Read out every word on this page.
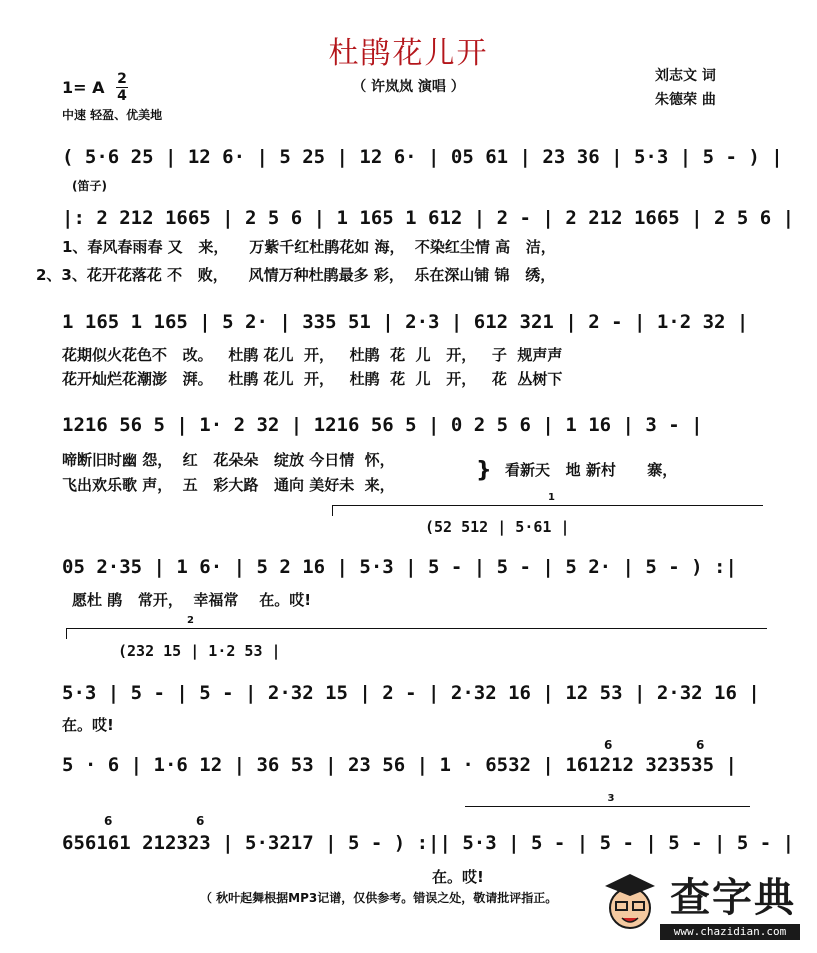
杜鹃花儿开
（ 许岚岚 演唱 ）
刘志文 词
朱德荣 曲
1= A 2
4
中速 轻盈、优美地
( 5·6 25 | 12 6· | 5 25 | 12 6· | 05 61 | 23 36 | 5·3 | 5 - ) |
(笛子)
|: 2 212 1665 | 2 5 6 | 1 165 1 612 | 2 - | 2 212 1665 | 2 5 6 |
1、春风春雨春 又   来，    万紫千红杜鹃花如 海，  不染红尘情 高   洁，
2、3、花开花落花 不   败，    风情万种杜鹃最多 彩，  乐在深山铺 锦   绣，
1 165 1 165 | 5 2· | 335 51 | 2·3 | 612 321 | 2 - | 1·2 32 |
花期似火花色不   改。   杜鹃 花儿  开，   杜鹃  花  儿   开，   子  规声声
花开灿烂花潮澎   湃。   杜鹃 花儿  开，   杜鹃  花  儿   开，   花  丛树下
1216 56 5 | 1· 2 32 | 1216 56 5 | 0 2 5 6 | 1 16 | 3 - |
啼断旧时幽 怨，  红   花朵朵   绽放 今日情  怀，
飞出欢乐歌 声，  五   彩大路   通向 美好未  来，
} 看新天   地 新村      寨，
1
(52 512 | 5·61 |
05 2·35 | 1 6· | 5 2 16 | 5·3 | 5 - | 5 - | 5 2· | 5 - ) :|
愿杜 鹃   常开，  幸福常    在。哎!
2
(232 15 | 1·2 53 |
5·3 | 5 - | 5 - | 2·32 15 | 2 - | 2·32 16 | 12 53 | 2·32 16 |
在。哎!
6	6
5 · 6 | 1·6 12 | 36 53 | 23 56 | 1 · 6532 | 161212 323535 |
6	6
3
656161 212323 | 5·3217 | 5 - ) :|| 5·3 | 5 - | 5 - | 5 - | 5 - |
在。哎!
（ 秋叶起舞根据MP3记谱，仅供参考。错误之处，敬请批评指正。	查字典
www.chazidian.com
